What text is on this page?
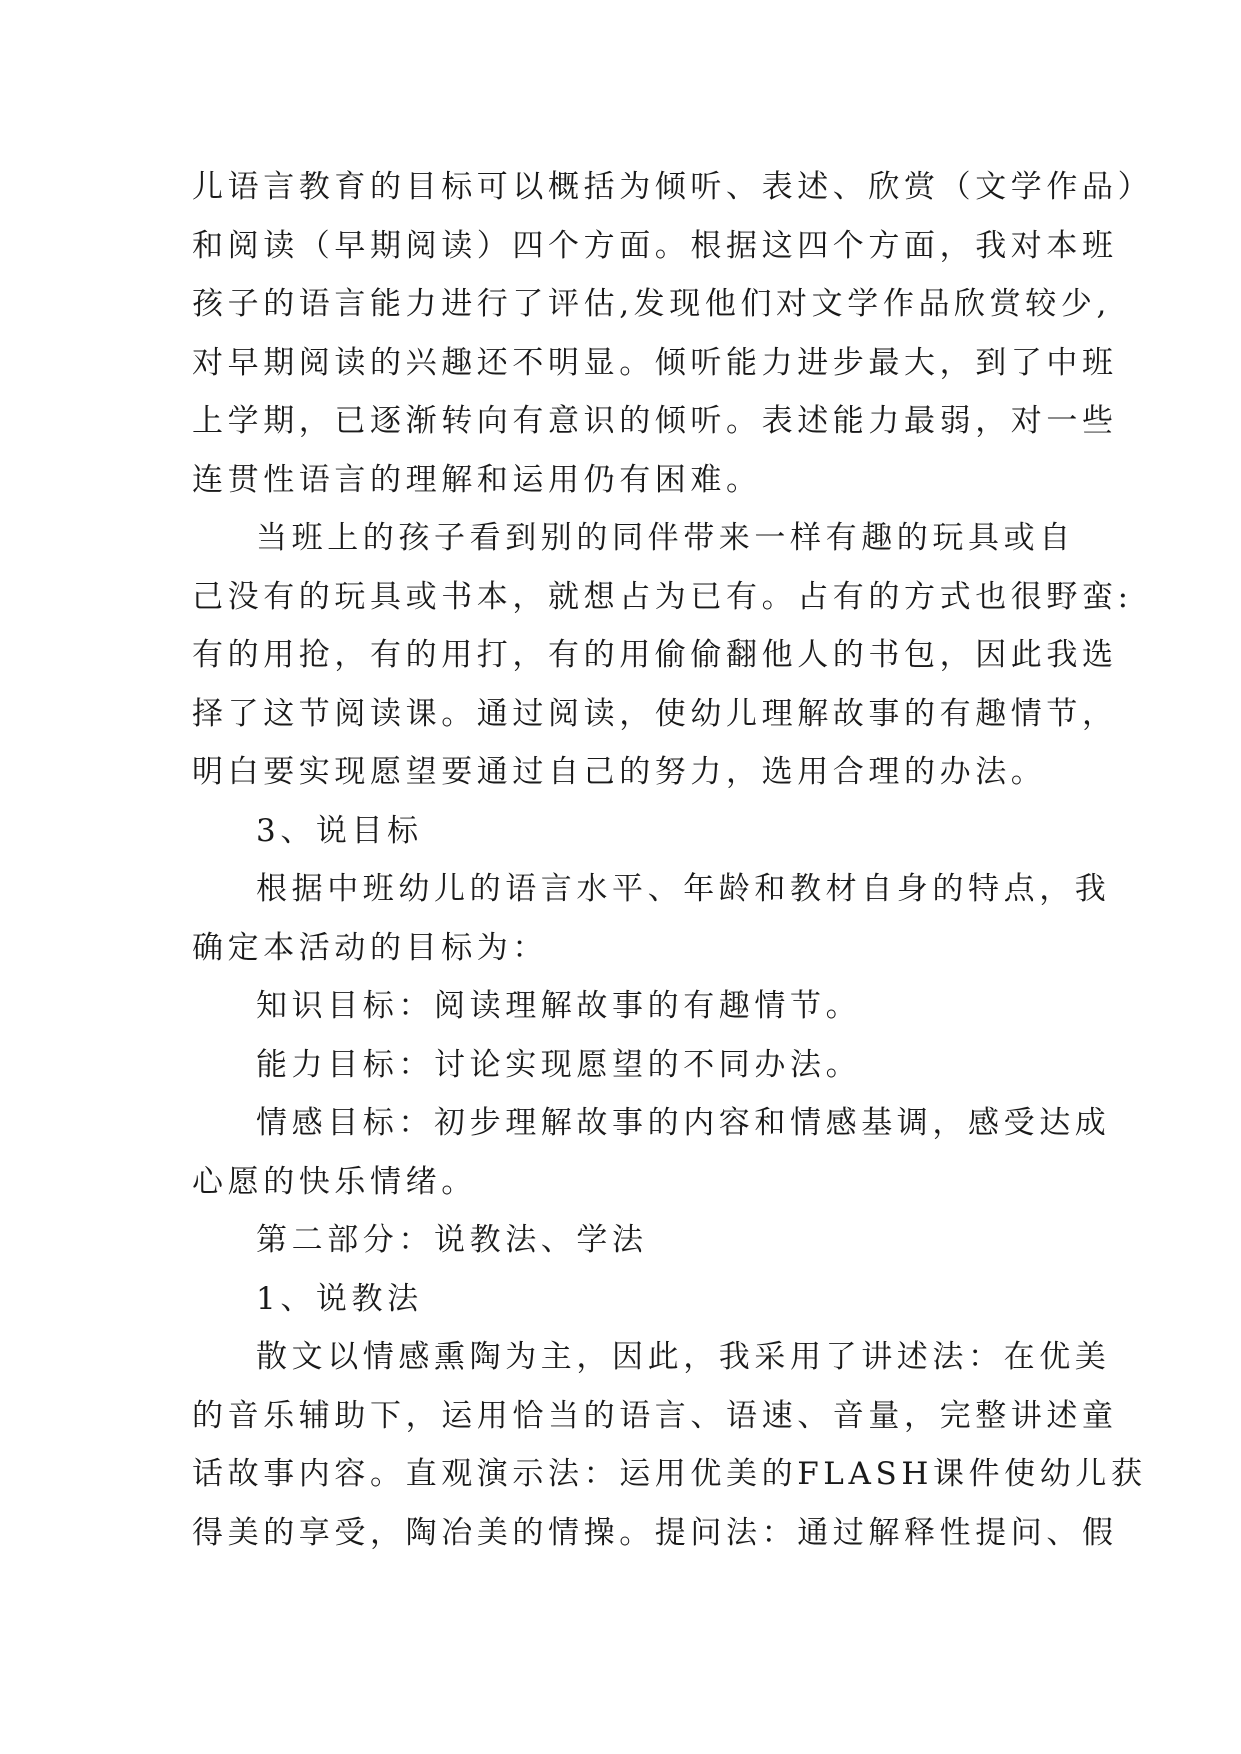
儿语言教育的目标可以概括为倾听、表述、欣赏（文学作品）
和阅读（早期阅读）四个方面。根据这四个方面，我对本班
孩子的语言能力进行了评估,发现他们对文学作品欣赏较少,
对早期阅读的兴趣还不明显。倾听能力进步最大，到了中班
上学期，已逐渐转向有意识的倾听。表述能力最弱，对一些
连贯性语言的理解和运用仍有困难。
当班上的孩子看到别的同伴带来一样有趣的玩具或自
己没有的玩具或书本，就想占为已有。占有的方式也很野蛮:
有的用抢，有的用打，有的用偷偷翻他人的书包，因此我选
择了这节阅读课。通过阅读，使幼儿理解故事的有趣情节，
明白要实现愿望要通过自己的努力，选用合理的办法。
3、说目标
根据中班幼儿的语言水平、年龄和教材自身的特点，我
确定本活动的目标为：
知识目标：阅读理解故事的有趣情节。
能力目标：讨论实现愿望的不同办法。
情感目标：初步理解故事的内容和情感基调，感受达成
心愿的快乐情绪。
第二部分：说教法、学法
1、说教法
散文以情感熏陶为主，因此，我采用了讲述法：在优美
的音乐辅助下，运用恰当的语言、语速、音量，完整讲述童
话故事内容。直观演示法：运用优美的FLASH课件使幼儿获
得美的享受，陶冶美的情操。提问法：通过解释性提问、假
